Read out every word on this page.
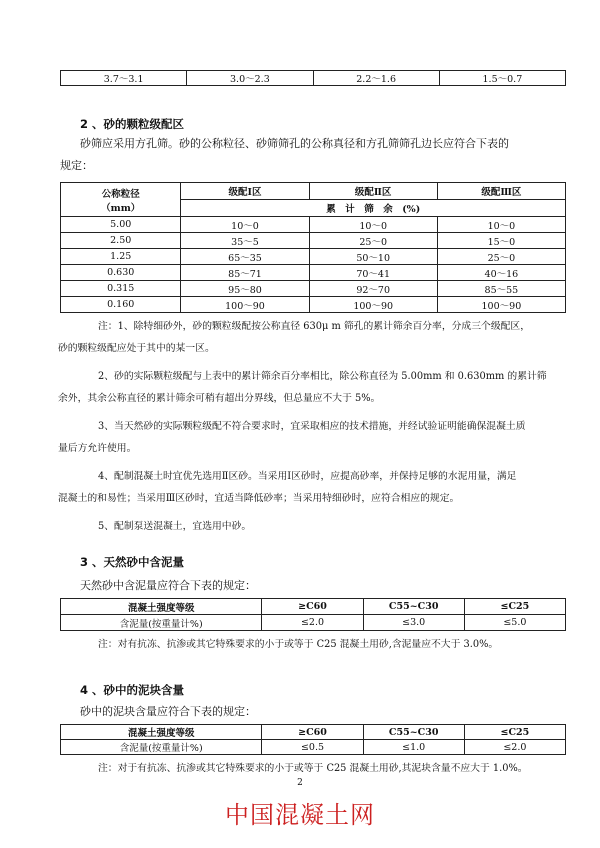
3.7～3.1	3.0～2.3	2.2～1.6	1.5～0.7
2 、砂的颗粒级配区
砂筛应采用方孔筛。砂的公称粒径、砂筛筛孔的公称真径和方孔筛筛孔边长应符合下表的
规定：
公称粒径
（mm）	级配Ⅰ区	级配Ⅱ区	级配Ⅲ区
	累　计　筛　余　(%)		
5.00	10～0	10～0	10～0
2.50	35～5	25～0	15～0
1.25	65～35	50～10	25～0
0.630	85～71	70～41	40～16
0.315	95～80	92～70	85～55
0.160	100～90	100～90	100～90

注：1、除特细砂外，砂的颗粒级配按公称直径 630μ m 筛孔的累计筛余百分率，分成三个级配区，

砂的颗粒级配应处于其中的某一区。

2、砂的实际颗粒级配与上表中的累计筛余百分率相比，除公称直径为 5.00mm 和 0.630mm 的累计筛

余外，其余公称直径的累计筛余可稍有超出分界线，但总量应不大于 5%。

3、当天然砂的实际颗粒级配不符合要求时，宜采取相应的技术措施，并经试验证明能确保混凝土质

量后方允许使用。

4、配制混凝土时宜优先选用Ⅱ区砂。当采用Ⅰ区砂时，应提高砂率，并保持足够的水泥用量，满足

混凝土的和易性；当采用Ⅲ区砂时，宜适当降低砂率；当采用特细砂时，应符合相应的规定。

5、配制泵送混凝土，宜选用中砂。

3 、天然砂中含泥量
天然砂中含泥量应符合下表的规定：
混凝土强度等级	≥C60	C55~C30	≤C25
含泥量(按重量计%)	≤2.0	≤3.0	≤5.0

注：对有抗冻、抗渗或其它特殊要求的小于或等于 C25 混凝土用砂,含泥量应不大于 3.0%。

4 、砂中的泥块含量
砂中的泥块含量应符合下表的规定：
混凝土强度等级	≥C60	C55~C30	≤C25
含泥量(按重量计%)	≤0.5	≤1.0	≤2.0

注：对于有抗冻、抗渗或其它特殊要求的小于或等于 C25 混凝土用砂,其泥块含量不应大于 1.0%。

2
中国混凝土网
